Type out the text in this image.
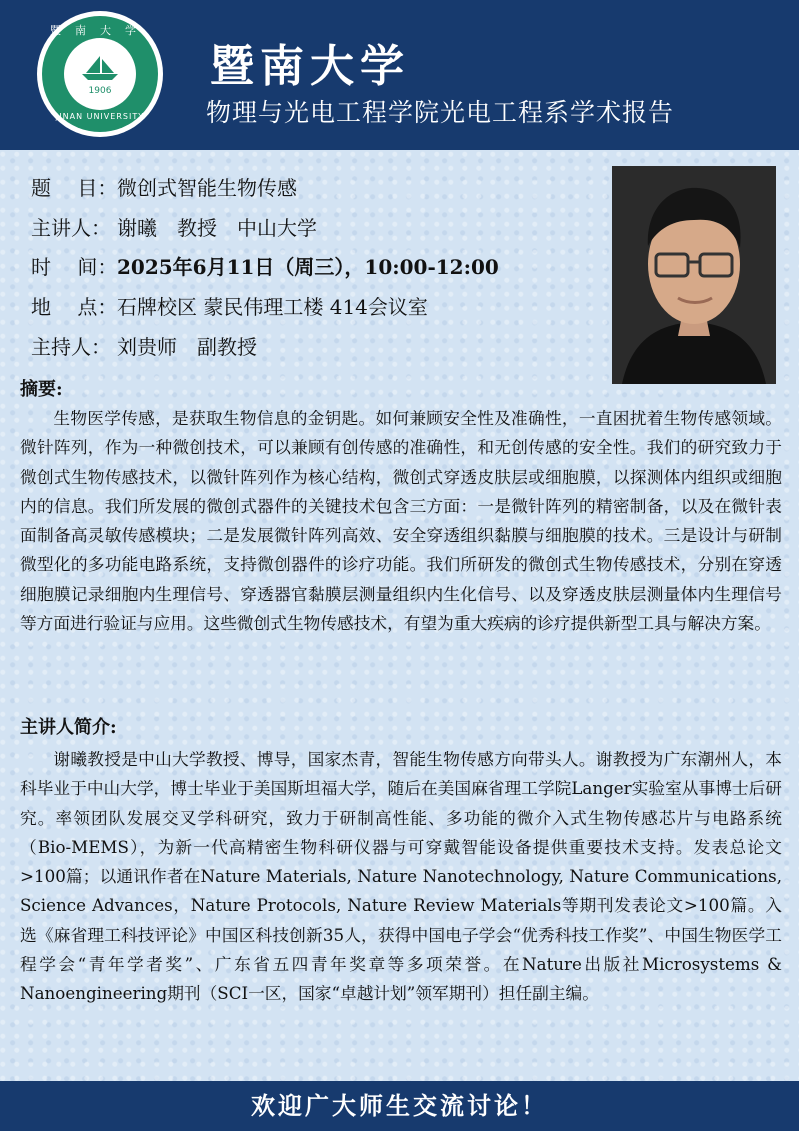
暨南大学
1906
JINAN UNIVERSITY
暨南大学
物理与光电工程学院光电工程系学术报告
题　 目：微创式智能生物传感
主讲人： 谢曦　教授　中山大学
时　 间：2025年6月11日（周三），10:00-12:00
地　 点：石牌校区 蒙民伟理工楼 414会议室
主持人： 刘贵师　副教授
摘要:
生物医学传感，是获取生物信息的金钥匙。如何兼顾安全性及准确性，一直困扰着生物传感领域。微针阵列，作为一种微创技术，可以兼顾有创传感的准确性，和无创传感的安全性。我们的研究致力于微创式生物传感技术，以微针阵列作为核心结构，微创式穿透皮肤层或细胞膜，以探测体内组织或细胞内的信息。我们所发展的微创式器件的关键技术包含三方面：一是微针阵列的精密制备，以及在微针表面制备高灵敏传感模块；二是发展微针阵列高效、安全穿透组织黏膜与细胞膜的技术。三是设计与研制微型化的多功能电路系统，支持微创器件的诊疗功能。我们所研发的微创式生物传感技术，分别在穿透细胞膜记录细胞内生理信号、穿透器官黏膜层测量组织内生化信号、以及穿透皮肤层测量体内生理信号等方面进行验证与应用。这些微创式生物传感技术，有望为重大疾病的诊疗提供新型工具与解决方案。
主讲人简介:
谢曦教授是中山大学教授、博导，国家杰青，智能生物传感方向带头人。谢教授为广东潮州人，本科毕业于中山大学，博士毕业于美国斯坦福大学，随后在美国麻省理工学院Langer实验室从事博士后研究。率领团队发展交叉学科研究，致力于研制高性能、多功能的微介入式生物传感芯片与电路系统（Bio-MEMS），为新一代高精密生物科研仪器与可穿戴智能设备提供重要技术支持。发表总论文>100篇；以通讯作者在Nature Materials, Nature Nanotechnology, Nature Communications, Science Advances，Nature Protocols, Nature Review Materials等期刊发表论文>100篇。入选《麻省理工科技评论》中国区科技创新35人，获得中国电子学会“优秀科技工作奖”、中国生物医学工程学会“青年学者奖”、广东省五四青年奖章等多项荣誉。在Nature出版社Microsystems & Nanoengineering期刊（SCI一区，国家“卓越计划”领军期刊）担任副主编。
欢迎广大师生交流讨论！
